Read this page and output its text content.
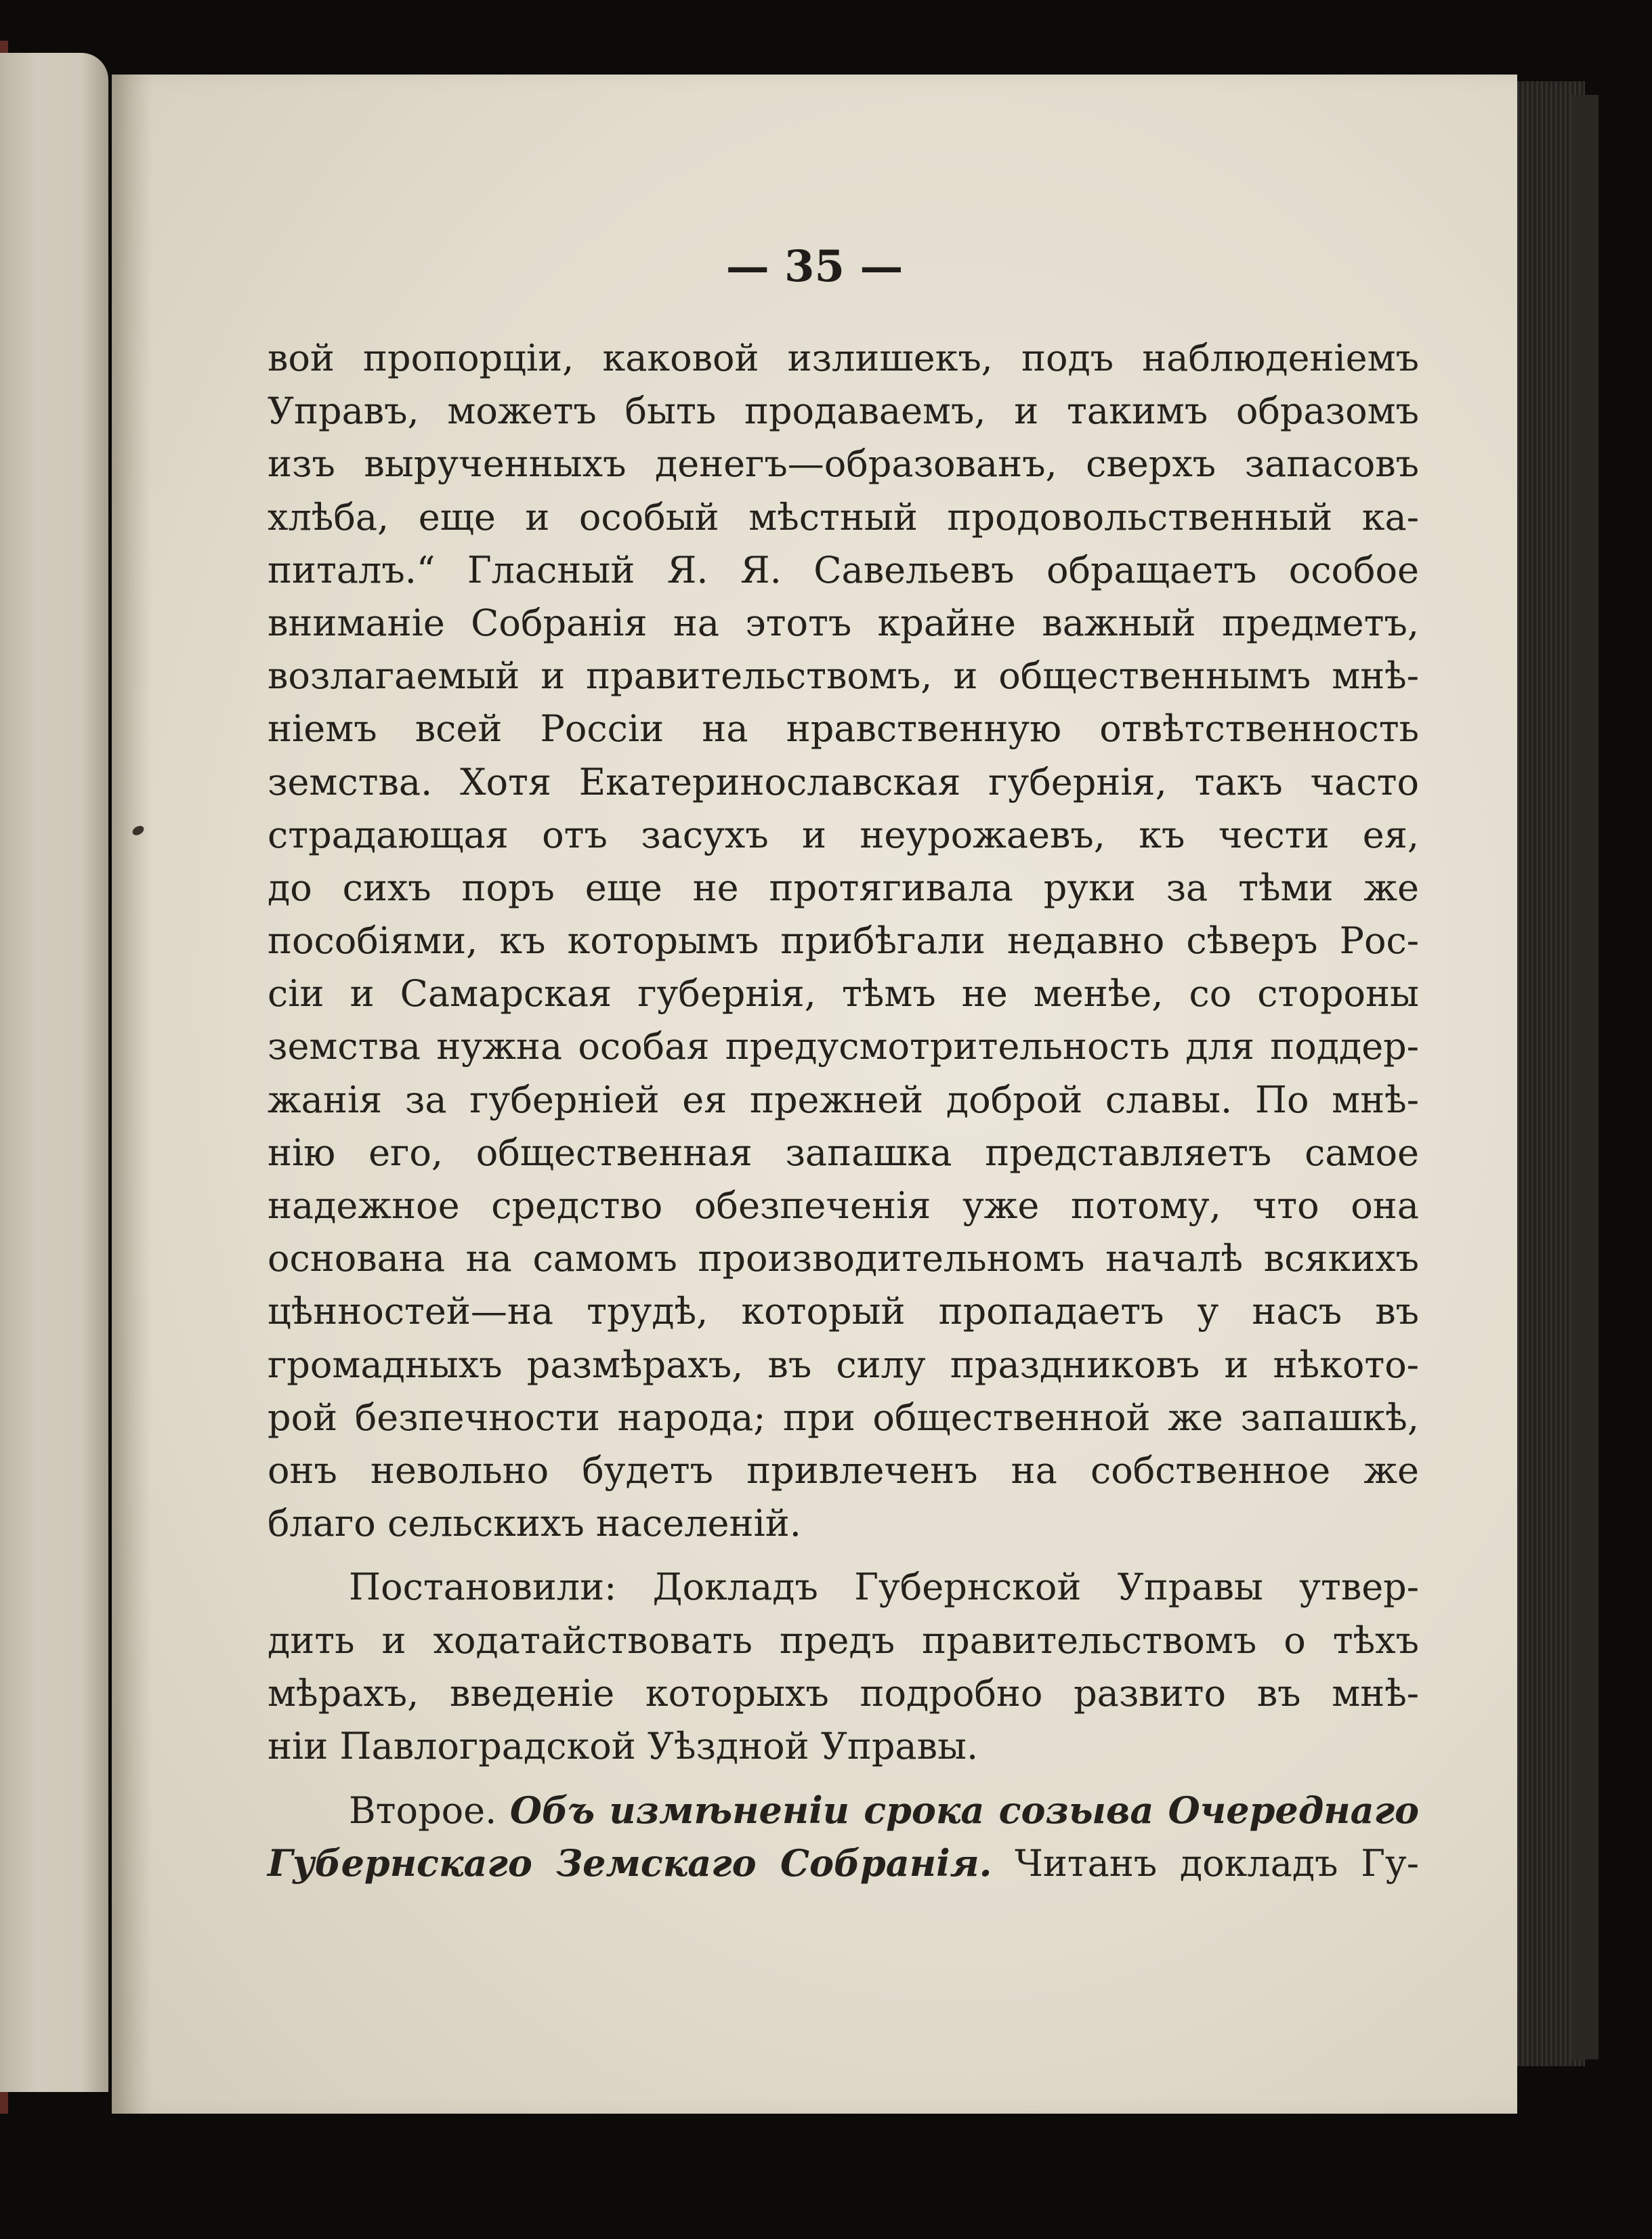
— 35 —

вой пропорцiи, каковой излишекъ, подъ наблюденiемъ
Управъ, можетъ быть продаваемъ, и такимъ образомъ
изъ вырученныхъ денегъ—образованъ, сверхъ запасовъ
хлѣба, еще и особый мѣстный продовольственный ка-
питалъ.“ Гласный Я. Я. Савельевъ обращаетъ особое
вниманiе Собранiя на этотъ крайне важный предметъ,
возлагаемый и правительствомъ, и общественнымъ мнѣ-
нiемъ всей Россiи на нравственную отвѣтственность
земства. Хотя Екатеринославская губернiя, такъ часто
страдающая отъ засухъ и неурожаевъ, къ чести ея,
до сихъ поръ еще не протягивала руки за тѣми же
пособiями, къ которымъ прибѣгали недавно сѣверъ Рос-
сiи и Самарская губернiя, тѣмъ не менѣе, со стороны
земства нужна особая предусмотрительность для поддер-
жанiя за губернiей ея прежней доброй славы. По мнѣ-
нiю его, общественная запашка представляетъ самое
надежное средство обезпеченiя уже потому, что она
основана на самомъ производительномъ началѣ всякихъ
цѣнностей—на трудѣ, который пропадаетъ у насъ въ
громадныхъ размѣрахъ, въ силу праздниковъ и нѣкото-
рой безпечности народа; при общественной же запашкѣ,
онъ невольно будетъ привлеченъ на собственное же
благо сельскихъ населенiй.
Постановили: Докладъ Губернской Управы утвер-
дить и ходатайствовать предъ правительствомъ о тѣхъ
мѣрахъ, введенiе которыхъ подробно развито въ мнѣ-
нiи Павлоградской Уѣздной Управы.
Второе. Объ измѣненiи срока созыва Очереднаго
Губернскаго Земскаго Собранiя. Читанъ докладъ Гу-
